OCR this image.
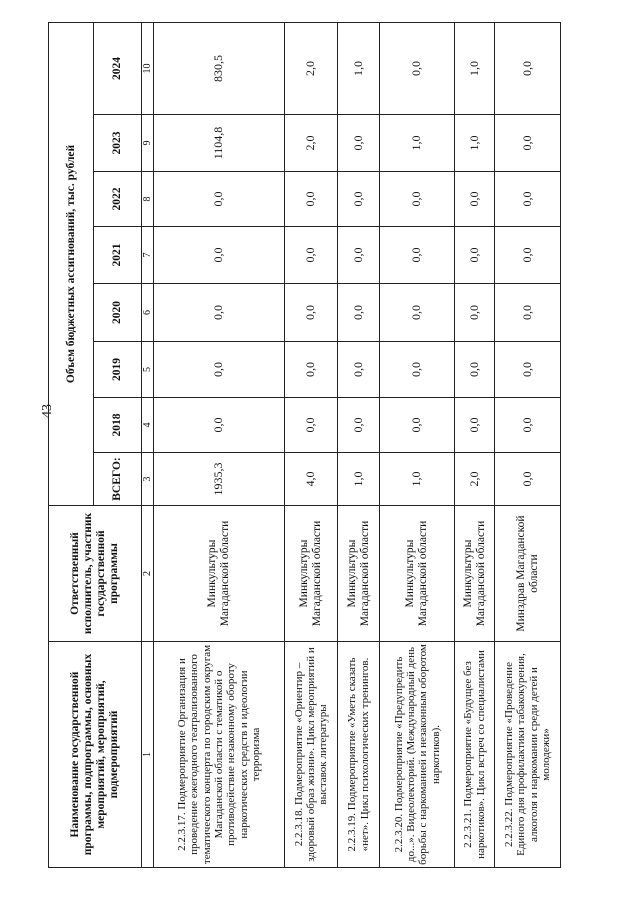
43
Наименование государственной программы, подпрограммы, основных мероприятий, мероприятий, подмероприятий	Ответственный исполнитель, участник государственной программы	Объем бюджетных ассигнований, тыс. рублей							
		ВСЕГО:	2018	2019	2020	2021	2022	2023	2024
1	2	3	4	5	6	7	8	9	10
2.2.3.17. Подмероприятие Организация и проведение ежегодного театрализованного тематического концерта по городским округам Магаданской области с тематикой о противодействие незаконному обороту наркотических средств и идеологии терроризма	Минкультуры Магаданской области	1935,3	0,0	0,0	0,0	0,0	0,0	1104,8	830,5
2.2.3.18. Подмероприятие «Ориентир – здоровый образ жизни». Цикл мероприятий и выставок литературы	Минкультуры Магаданской области	4,0	0,0	0,0	0,0	0,0	0,0	2,0	2,0
2.2.3.19. Подмероприятие «Уметь сказать «нет». Цикл психологических тренингов.	Минкультуры Магаданской области	1,0	0,0	0,0	0,0	0,0	0,0	0,0	1,0
2.2.3.20. Подмероприятие «Предупредить до...». Видеолекторий. (Международный день борьбы с наркоманией и незаконным оборотом наркотиков).	Минкультуры Магаданской области	1,0	0,0	0,0	0,0	0,0	0,0	1,0	0,0
2.2.3.21. Подмероприятие «Будущее без наркотиков». Цикл встреч со специалистами	Минкультуры Магаданской области	2,0	0,0	0,0	0,0	0,0	0,0	1,0	1,0
2.2.3.22. Подмероприятие «Проведение Единого дня профилактики табакокурения, алкоголя и наркомании среди детей и молодежи»	Минздрав Магаданской области	0,0	0,0	0,0	0,0	0,0	0,0	0,0	0,0
